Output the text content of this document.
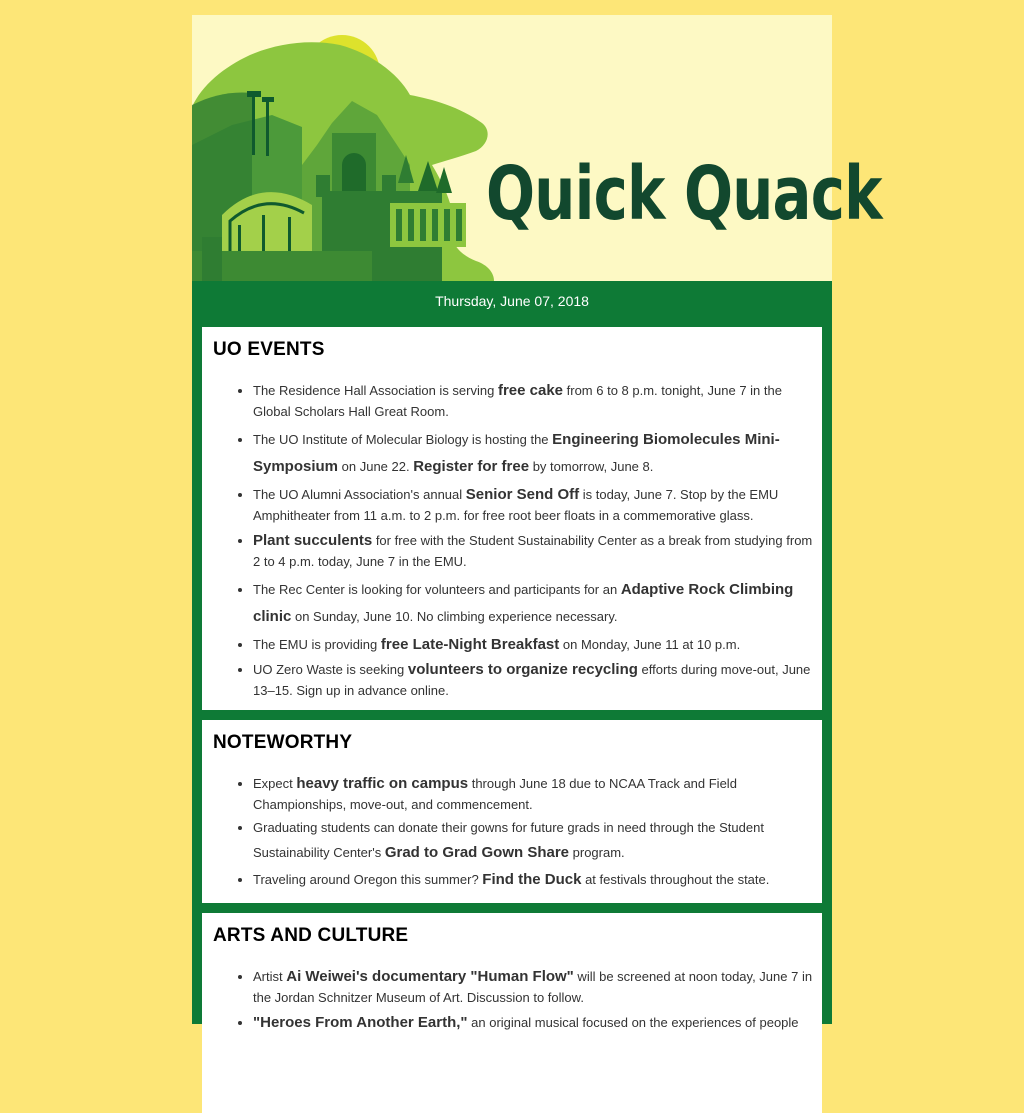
Quick Quack
Thursday, June 07, 2018
UO EVENTS
• The Residence Hall Association is serving free cake from 6 to 8 p.m. tonight, June 7 in the Global Scholars Hall Great Room.
• The UO Institute of Molecular Biology is hosting the Engineering Biomolecules Mini-Symposium on June 22. Register for free by tomorrow, June 8.
• The UO Alumni Association's annual Senior Send Off is today, June 7. Stop by the EMU Amphitheater from 11 a.m. to 2 p.m. for free root beer floats in a commemorative glass.
• Plant succulents for free with the Student Sustainability Center as a break from studying from 2 to 4 p.m. today, June 7 in the EMU.
• The Rec Center is looking for volunteers and participants for an Adaptive Rock Climbing clinic on Sunday, June 10. No climbing experience necessary.
• The EMU is providing free Late-Night Breakfast on Monday, June 11 at 10 p.m.
• UO Zero Waste is seeking volunteers to organize recycling efforts during move-out, June 13–15. Sign up in advance online.
NOTEWORTHY
• Expect heavy traffic on campus through June 18 due to NCAA Track and Field Championships, move-out, and commencement.
• Graduating students can donate their gowns for future grads in need through the Student Sustainability Center's Grad to Grad Gown Share program.
• Traveling around Oregon this summer? Find the Duck at festivals throughout the state.
ARTS AND CULTURE
• Artist Ai Weiwei's documentary "Human Flow" will be screened at noon today, June 7 in the Jordan Schnitzer Museum of Art. Discussion to follow.
• "Heroes From Another Earth," an original musical focused on the experiences of people
